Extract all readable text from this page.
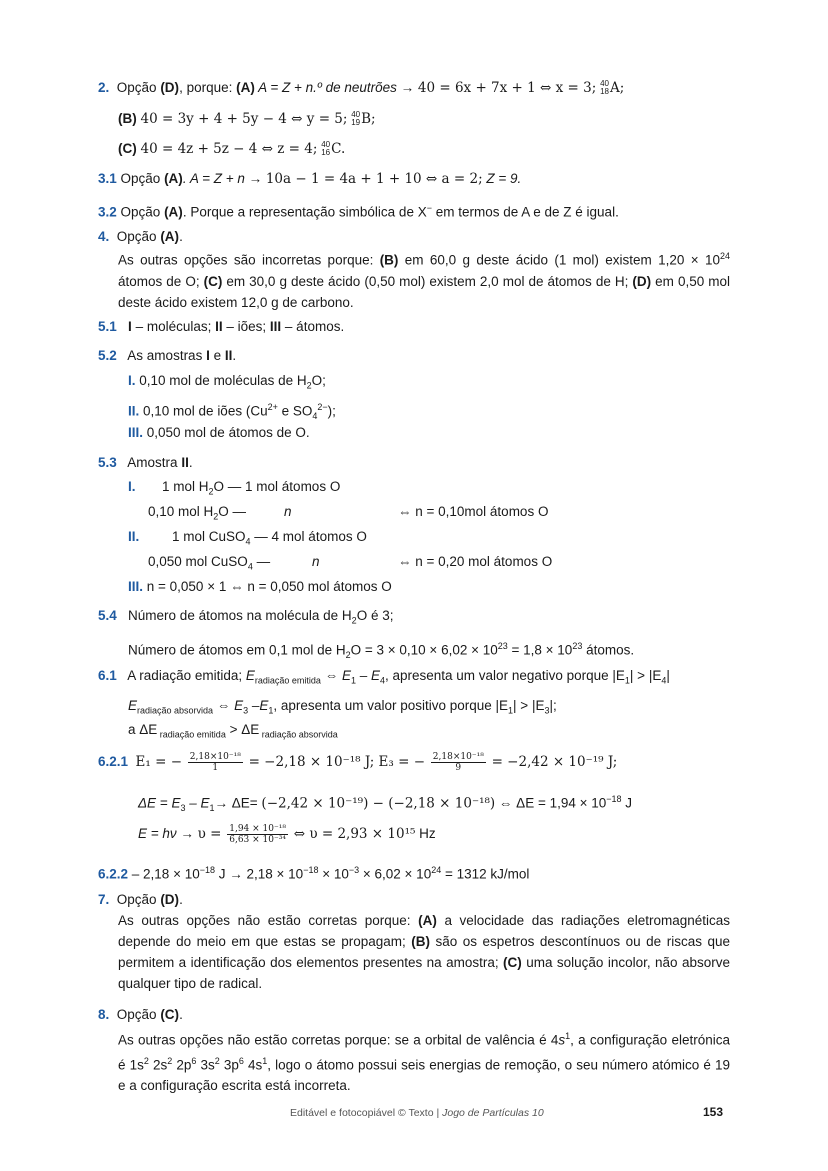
2. Opção (D), porque: (A) A = Z + n.º de neutrões → 40 = 6x + 7x + 1 ⇔ x = 3; 40
18 A;
(B) 40 = 3y + 4 + 5y − 4 ⇔ y = 5; 40
19 B;
(C) 40 = 4z + 5z − 4 ⇔ z = 4; 40
16 C.
3.1 Opção (A). A = Z + n → 10a − 1 = 4a + 1 + 10 ⇔ a = 2; Z = 9.
3.2 Opção (A). Porque a representação simbólica de X− em termos de A e de Z é igual.
4. Opção (A).
As outras opções são incorretas porque: (B) em 60,0 g deste ácido (1 mol) existem $1,20 \times 10^{24}$ átomos de O; (C) em 30,0 g deste ácido (0,50 mol) existem 2,0 mol de átomos de H; (D) em 0,50 mol deste ácido existem 12,0 g de carbono.
5.1 I – moléculas; II – iões; III – átomos.
5.2 As amostras I e II.
I. 0,10 mol de moléculas de $H_2O$;
II. 0,10 mol de iões ($Cu^{2+}$ e $SO_4^{2-}$);
III. 0,050 mol de átomos de O.
5.3 Amostra II.
I. 1 mol $H_2O$ — 1 mol átomos O
0,10 mol $H_2O$ —	n	⇔ n = 0,10mol átomos O
II. 1 mol CuSO$_4$ — 4 mol átomos O
0,050 mol CuSO$_4$ —	n	⇔ n = 0,20 mol átomos O
III. n = 0,050 × 1 ⇔ n = 0,050 mol átomos O
5.4 Número de átomos na molécula de $H_2O$ é 3;
Número de átomos em 0,1 mol de $H_2O = 3 \times 0,10 \times 6,02 \times 10^{23} = 1,8 \times 10^{23}$ átomos.
6.1 A radiação emitida; $E_{radiação emitida}$ ⇔ $E_1 - E_4$, apresenta um valor negativo porque $|E_1| > |E_4|$
$E_{radiação absorvida}$ ⇔ $E_3$ $-E_1$, apresenta um valor positivo porque $|E_1| > |E_3|$;
a ΔE $_{radiação emitida}$ > ΔE $_{radiação absorvida}$
6.2.1 E₁ = − $\frac{\text{2,18×10⁻¹⁸}}{1} = -2,18 \times 10^{-18}$ J; E₃ = − $\frac{\text{2,18×10⁻¹⁸}}{9} = -2,42 \times 10^{-19}$ J;
$\Delta E = E_3 - E_1\to \Delta E= (-2,42 \times 10^{-19}) - (-2,18 \times 10^{-18})$ ⇔ $\Delta E = 1,94 \times 10^{-18}$ J
$E = h\nu \to \upsilon = \frac{\text{1,94 × 10⁻¹⁸}}{\text{6,63 × 10⁻³⁴}}$ ⇔ υ = 2,93 × 10¹⁵ Hz
$6.2.2 - 2,18 \times 10^{-18}$ $J \to 2,18 \times 10^{-18} \times 10^{-3} \times 6,02 \times 10^{24} = 1312$ kJ/mol
7. Opção (D).
As outras opções não estão corretas porque: (A) a velocidade das radiações eletromagnéticas depende do meio em que estas se propagam; (B) são os espetros descontínuos ou de riscas que permitem a identificação dos elementos presentes na amostra; (C) uma solução incolor, não absorve qualquer tipo de radical.
8. Opção (C).
As outras opções não estão corretas porque: se a orbital de valência é $4s^1$, a configuração eletrónica é $1s^2$ $2s^2$ $2p^6$ $3s^2$ $3p^6$ $4s^1$, logo o átomo possui seis energias de remoção, o seu número atómico é 19 e a configuração escrita está incorreta.
Editável e fotocopiável © Texto | Jogo de Partículas 10	153
